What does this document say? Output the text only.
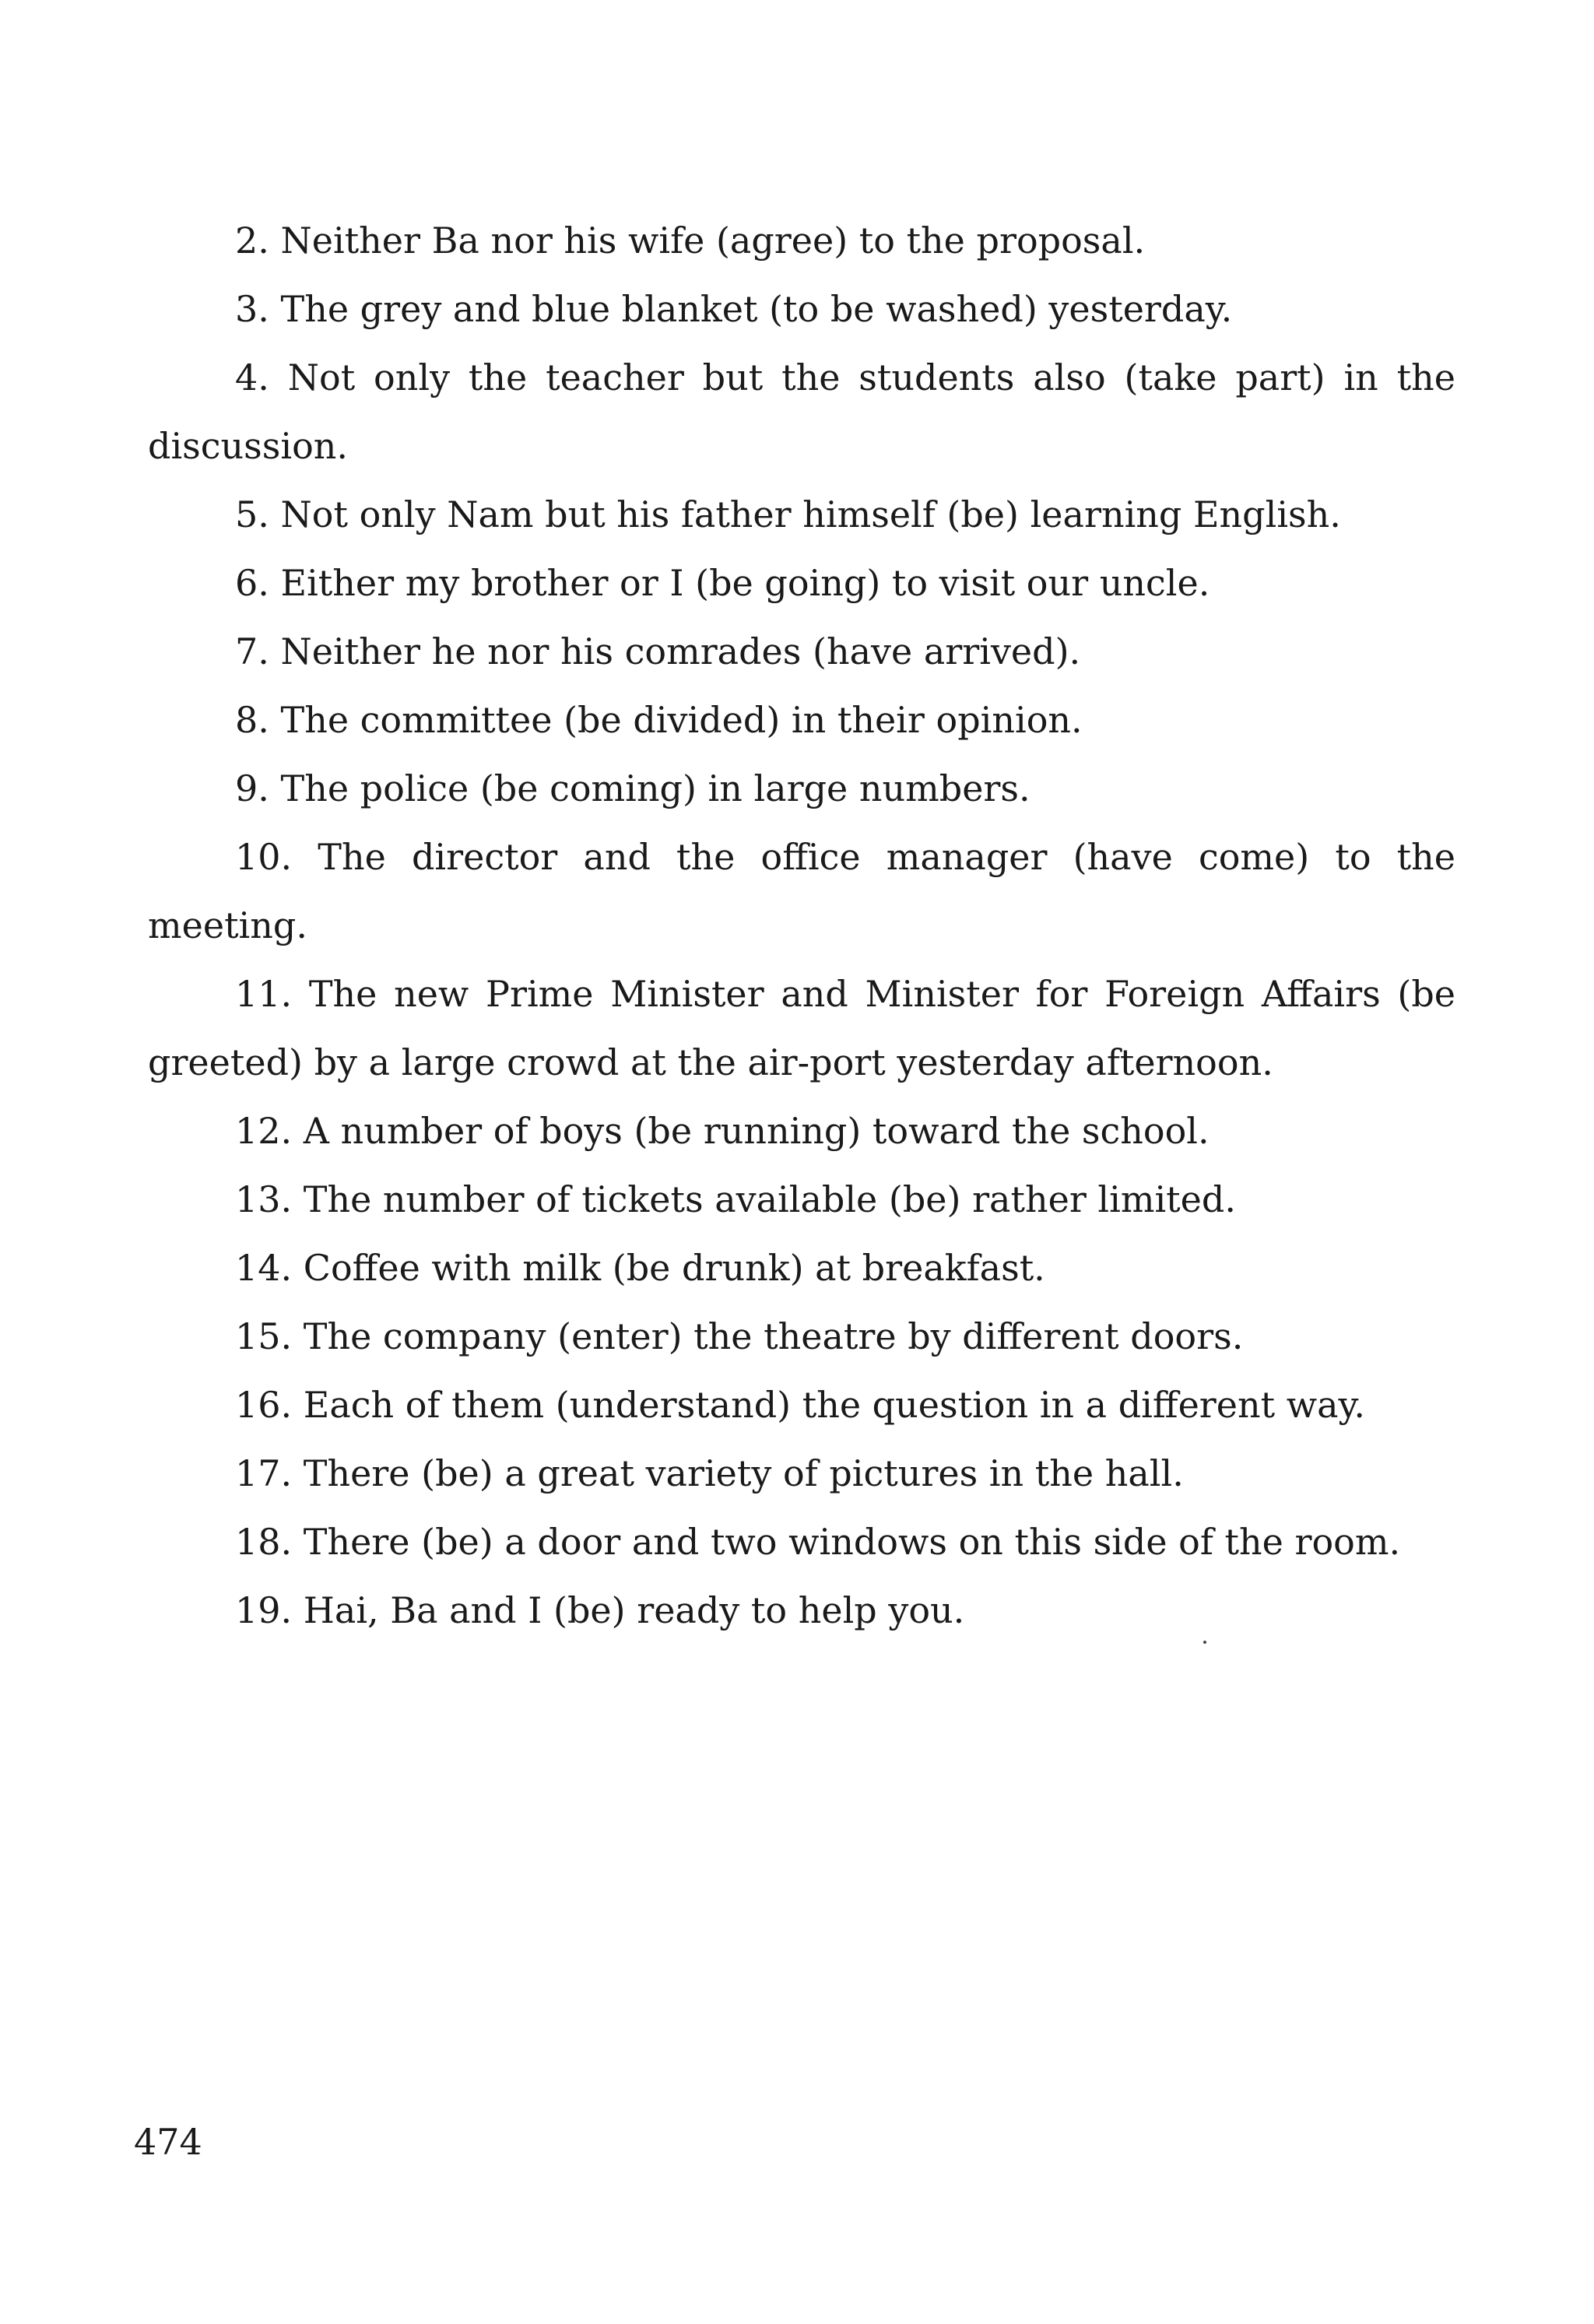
2. Neither Ba nor his wife (agree) to the proposal.

3. The grey and blue blanket (to be washed) yesterday.

4. Not only the teacher but the students also (take part) in the discussion.

5. Not only Nam but his father himself (be) learning English.

6. Either my brother or I (be going) to visit our uncle.

7. Neither he nor his comrades (have arrived).

8. The committee (be divided) in their opinion.

9. The police (be coming) in large numbers.

10. The director and the office manager (have come) to the meeting.

11. The new Prime Minister and Minister for Foreign Affairs (be greeted) by a large crowd at the air-port yesterday afternoon.

12. A number of boys (be running) toward the school.

13. The number of tickets available (be) rather limited.

14. Coffee with milk (be drunk) at breakfast.

15. The company (enter) the theatre by different doors.

16. Each of them (understand) the question in a different way.

17. There (be) a great variety of pictures in the hall.

18. There (be) a door and two windows on this side of the room.

19. Hai, Ba and I (be) ready to help you.

474
